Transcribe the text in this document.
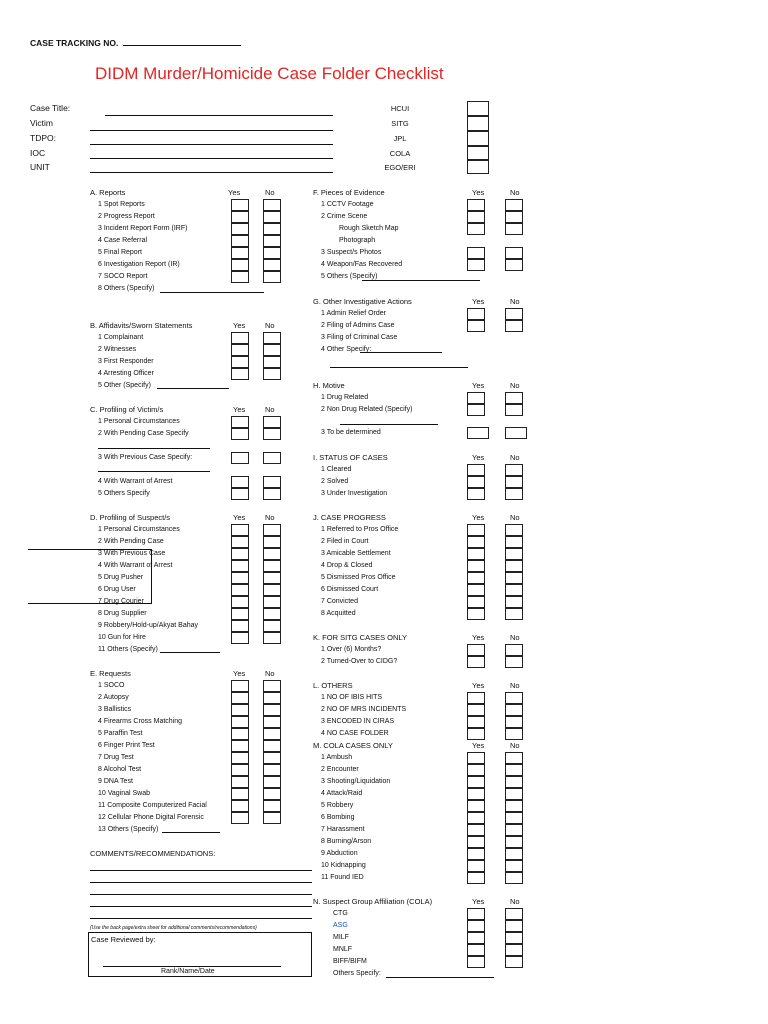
CASE TRACKING NO.
DIDM Murder/Homicide Case Folder Checklist
Case Title:
Victim
TDPO:
IOC
UNIT
HCUI
SITG
JPL
COLA
EGO/ERI
A. Reports	Yes	No
1 Spot Reports
2 Progress Report
3 Incident Report Form (IRF)
4 Case Referral
5 Final Report
6 Investigation Report (IR)
7 SOCO Report
8 Others (Specify)
B. Affidavits/Sworn Statements	Yes	No
1 Complainant
2 Witnesses
3 First Responder
4 Arresting Officer
5 Other (Specify)
C. Profiling of Victim/s	Yes	No
1 Personal Circumstances
2 With Pending Case Specify
3 With Previous Case Specify:
4 With Warrant of Arrest
5 Others Specify
D. Profiling of Suspect/s	Yes	No
1 Personal Circumstances
2 With Pending Case
3 With Previous Case
4 With Warrant of Arrest
5 Drug Pusher
6 Drug User
7 Drug Courier
8 Drug Supplier
9 Robbery/Hold-up/Akyat Bahay
10 Gun for Hire
11 Others (Specify)
E. Requests	Yes	No
1 SOCO
2 Autopsy
3 Ballistics
4 Firearms Cross Matching
5 Paraffin Test
6 Finger Print Test
7 Drug Test
8 Alcohol Test
9 DNA Test
10 Vaginal Swab
11 Composite Computerized Facial
12 Cellular Phone Digital Forensic
13 Others (Specify)
F. Pieces of Evidence	Yes	No
1 CCTV Footage
2 Crime Scene
Rough Sketch Map
Photograph
3 Suspect/s Photos
4 Weapon/Fas Recovered
5 Others (Specify)
G. Other Investigative Actions	Yes	No
1 Admin Relief Order
2 Filing of Admins Case
3 Filing of Criminal Case
4 Other Specify:
H. Motive	Yes	No
1 Drug Related
2 Non Drug Related (Specify)
3 To be determined
I. STATUS OF CASES	Yes	No
1 Cleared
2 Solved
3 Under Investigation
J. CASE PROGRESS	Yes	No
1 Referred to Pros Office
2 Filed in Court
3 Amicable Settlement
4 Drop & Closed
5 Dismissed Pros Office
6 Dismissed Court
7 Convicted
8 Acquitted
K. FOR SITG CASES ONLY	Yes	No
1 Over (6) Months?
2 Turned-Over to CIDG?
L. OTHERS	Yes	No
1 NO OF IBIS HITS
2 NO OF MRS INCIDENTS
3 ENCODED IN CIRAS
4 NO CASE FOLDER
M. COLA CASES ONLY	Yes	No
1 Ambush
2 Encounter
3 Shooting/Liquidation
4 Attack/Raid
5 Robbery
6 Bombing
7 Harassment
8 Burning/Arson
9 Abduction
10 Kidnapping
11 Found IED
N. Suspect Group Affiliation (COLA)	Yes	No
CTG
ASG
MILF
MNLF
BIFF/BIFM
Others Specify:
COMMENTS/RECOMMENDATIONS:
(Use the back page/extra sheet for additional comments/recommendations)
Case Reviewed by:
Rank/Name/Date
